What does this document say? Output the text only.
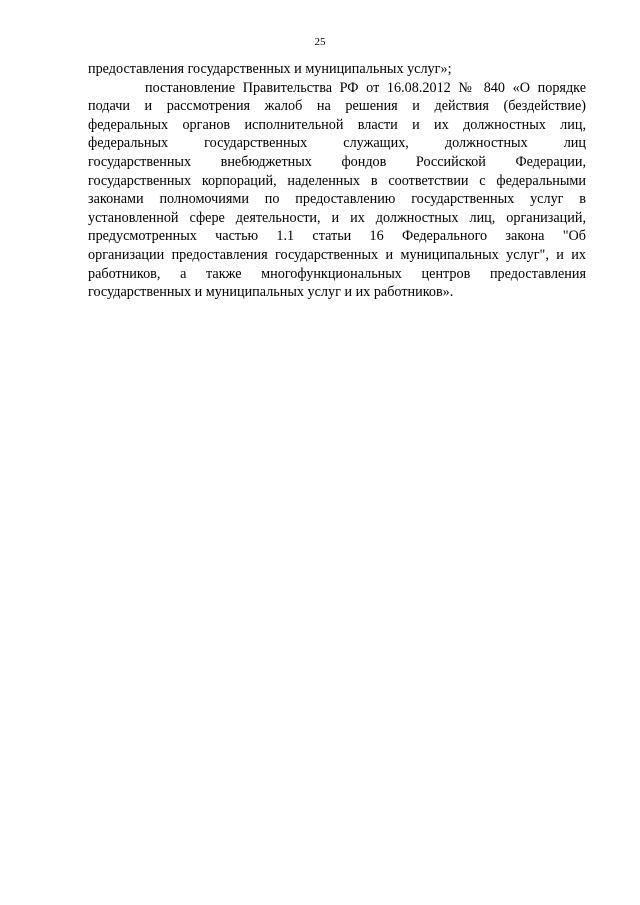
25
предоставления государственных и муниципальных услуг»;
постановление Правительства РФ от 16.08.2012 № 840 «О порядке
подачи и рассмотрения жалоб на решения и действия (бездействие)
федеральных органов исполнительной власти и их должностных лиц,
федеральных государственных служащих, должностных лиц
государственных внебюджетных фондов Российской Федерации,
государственных корпораций, наделенных в соответствии с федеральными
законами полномочиями по предоставлению государственных услуг в
установленной сфере деятельности, и их должностных лиц, организаций,
предусмотренных частью 1.1 статьи 16 Федерального закона "Об
организации предоставления государственных и муниципальных услуг", и их
работников, а также многофункциональных центров предоставления
государственных и муниципальных услуг и их работников».
